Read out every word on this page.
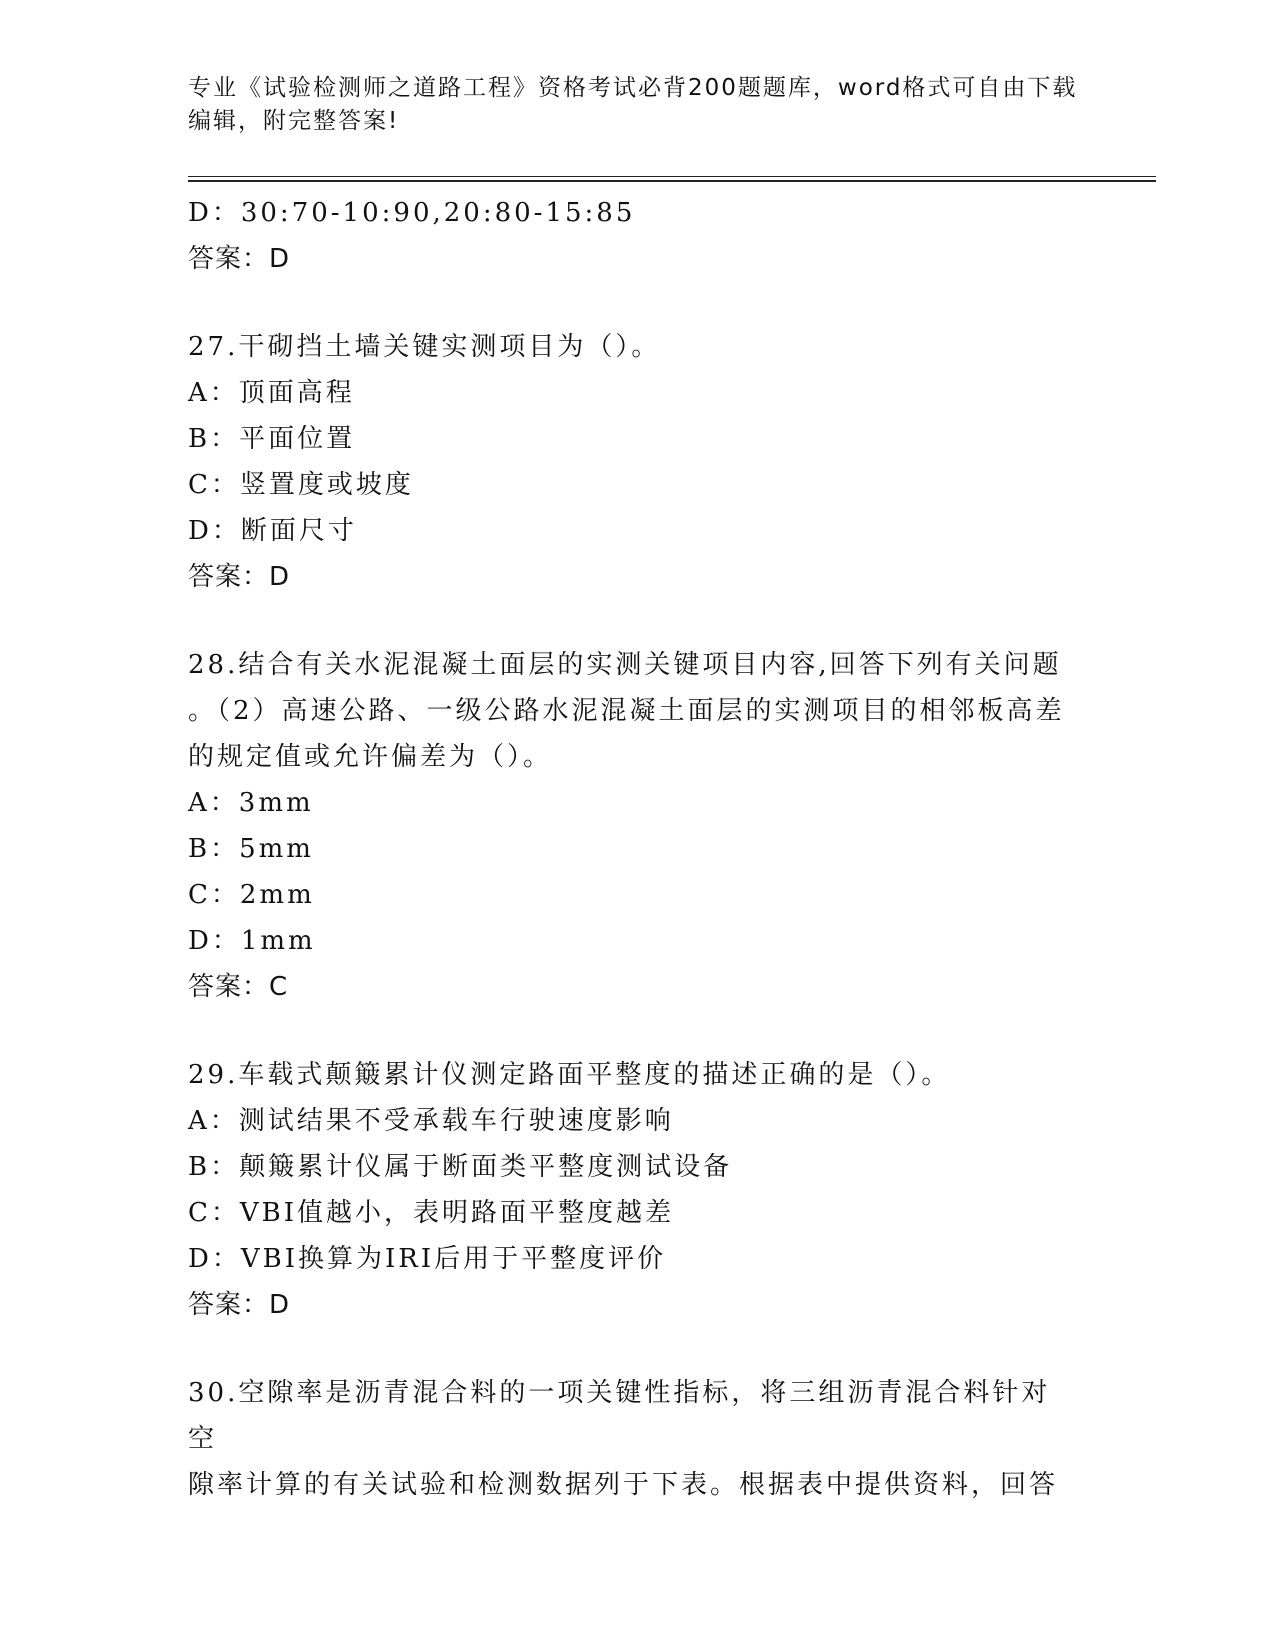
专业《试验检测师之道路工程》资格考试必背200题题库，word格式可自由下载
编辑，附完整答案!
D：30:70-10:90,20:80-15:85
答案：D
27.干砌挡土墙关键实测项目为（）。
A：顶面高程
B：平面位置
C：竖置度或坡度
D：断面尺寸
答案：D
28.结合有关水泥混凝土面层的实测关键项目内容,回答下列有关问题
。（2）高速公路、一级公路水泥混凝土面层的实测项目的相邻板高差
的规定值或允许偏差为（）。
A：3mm
B：5mm
C：2mm
D：1mm
答案：C
29.车载式颠簸累计仪测定路面平整度的描述正确的是（）。
A：测试结果不受承载车行驶速度影响
B：颠簸累计仪属于断面类平整度测试设备
C：VBI值越小，表明路面平整度越差
D：VBI换算为IRI后用于平整度评价
答案：D
30.空隙率是沥青混合料的一项关键性指标，将三组沥青混合料针对空
隙率计算的有关试验和检测数据列于下表。根据表中提供资料，回答
